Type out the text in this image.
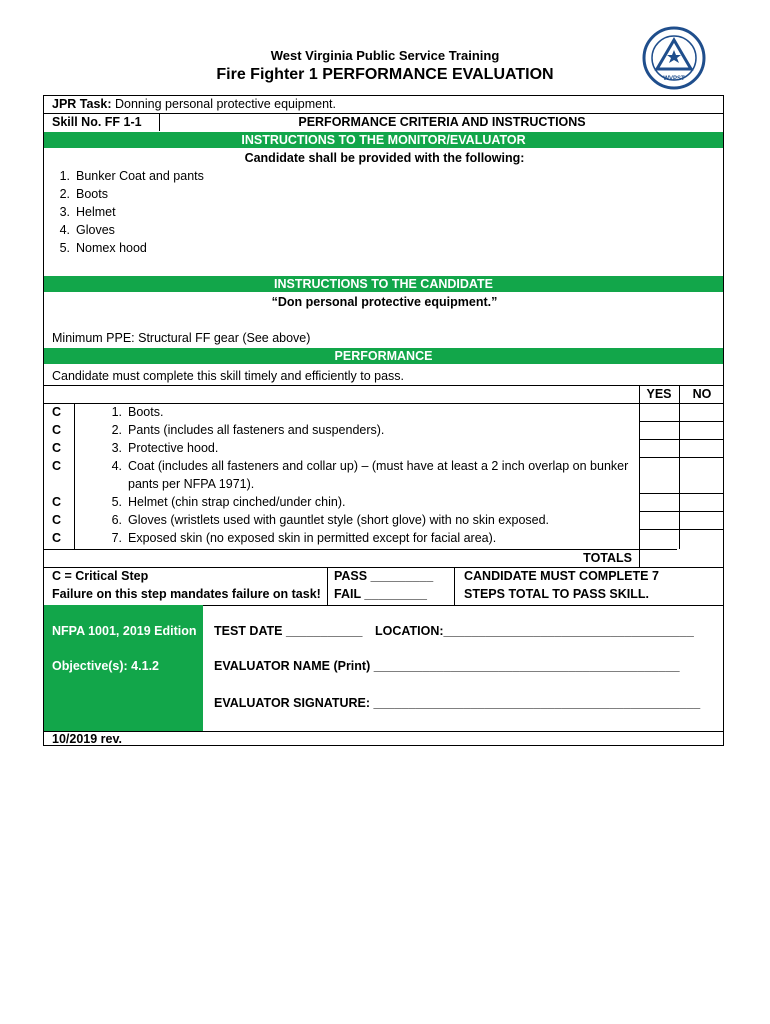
West Virginia Public Service Training
Fire Fighter 1 PERFORMANCE EVALUATION	WVPST
JPR Task: Donning personal protective equipment.
Skill No. FF 1-1	PERFORMANCE CRITERIA AND INSTRUCTIONS
INSTRUCTIONS TO THE MONITOR/EVALUATOR
Candidate shall be provided with the following:
1. Bunker Coat and pants
2. Boots
3. Helmet
4. Gloves
5. Nomex hood
INSTRUCTIONS TO THE CANDIDATE
“Don personal protective equipment.”
Minimum PPE: Structural FF gear (See above)
PERFORMANCE
Candidate must complete this skill timely and efficiently to pass.
YES	NO
C	1. Boots.
C	2. Pants (includes all fasteners and suspenders).
C	3. Protective hood.
C	4. Coat (includes all fasteners and collar up) – (must have at least a 2 inch overlap on bunker
pants per NFPA 1971).
C	5. Helmet (chin strap cinched/under chin).
C	6. Gloves (wristlets used with gauntlet style (short glove) with no skin exposed.
C	7. Exposed skin (no exposed skin in permitted except for facial area).
TOTALS
C = Critical Step
Failure on this step mandates failure on task!
PASS _________
FAIL _________
CANDIDATE MUST COMPLETE 7
STEPS TOTAL TO PASS SKILL.
NFPA 1001, 2019 Edition
Objective(s): 4.1.2
TEST DATE ___________ LOCATION:____________________________________
EVALUATOR NAME (Print) ____________________________________________
EVALUATOR SIGNATURE: _______________________________________________
10/2019 rev.
